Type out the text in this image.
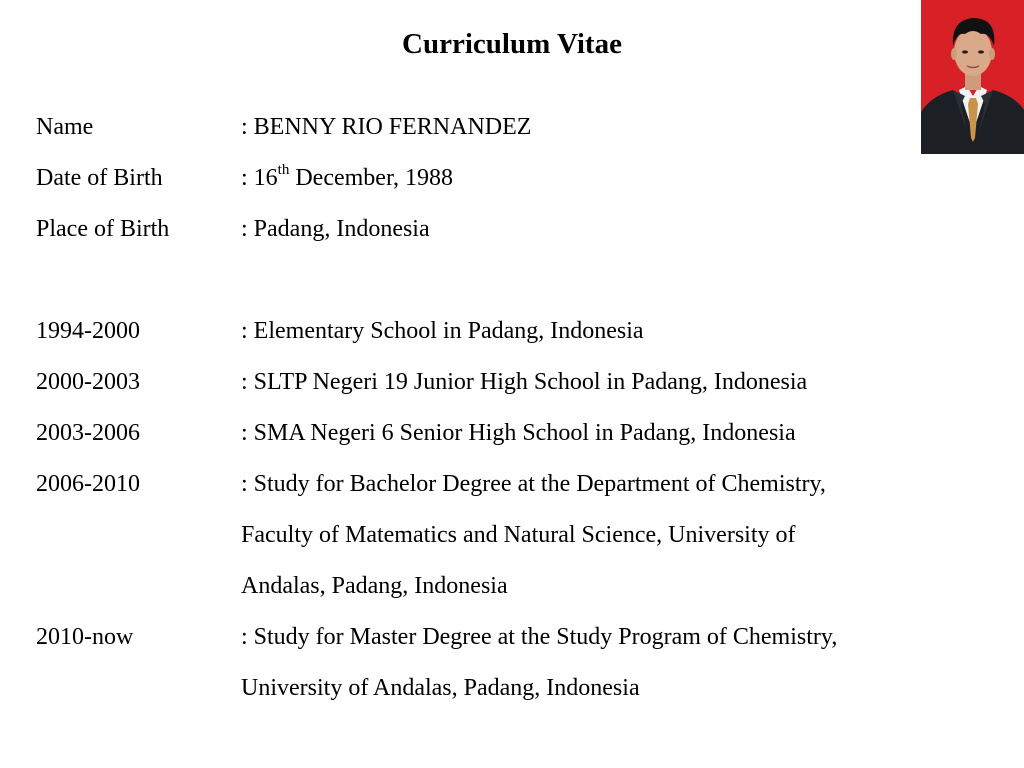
Curriculum Vitae
Name	: BENNY RIO FERNANDEZ
Date of Birth	: 16th December, 1988
Place of Birth	: Padang, Indonesia
1994-2000	: Elementary School in Padang, Indonesia
2000-2003	: SLTP Negeri 19 Junior High School in Padang, Indonesia
2003-2006	: SMA Negeri 6 Senior High School in Padang, Indonesia
2006-2010	: Study for Bachelor Degree at the Department of Chemistry,
Faculty of Matematics and Natural Science, University of
Andalas, Padang, Indonesia
2010-now	: Study for Master Degree at the Study Program of Chemistry,
University of Andalas, Padang, Indonesia
